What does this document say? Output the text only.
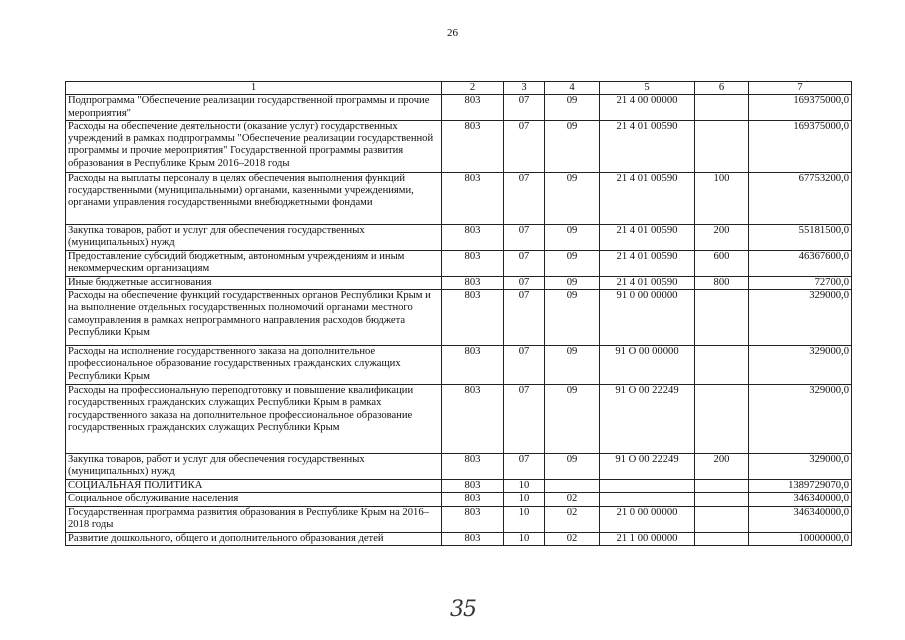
26
1	2	3	4	5	6	7
Подпрограмма "Обеспечение реализации государственной программы и прочие мероприятия"	803	07	09	21 4 00 00000		169375000,0
Расходы на обеспечение деятельности (оказание услуг) государственных учреждений в рамках подпрограммы "Обеспечение реализации государственной программы и прочие мероприятия" Государственной программы развития образования в Республике Крым 2016–2018 годы	803	07	09	21 4 01 00590		169375000,0
Расходы на выплаты персоналу в целях обеспечения выполнения функций государственными (муниципальными) органами, казенными учреждениями, органами управления государственными внебюджетными фондами	803	07	09	21 4 01 00590	100	67753200,0
Закупка товаров, работ и услуг для обеспечения государственных (муниципальных) нужд	803	07	09	21 4 01 00590	200	55181500,0
Предоставление субсидий бюджетным, автономным учреждениям и иным некоммерческим организациям	803	07	09	21 4 01 00590	600	46367600,0
Иные бюджетные ассигнования	803	07	09	21 4 01 00590	800	72700,0
Расходы на обеспечение функций государственных органов Республики Крым и на выполнение отдельных государственных полномочий органами местного самоуправления в рамках непрограммного направления расходов бюджета Республики Крым	803	07	09	91 0 00 00000		329000,0
Расходы на исполнение государственного заказа на дополнительное профессиональное образование государственных гражданских служащих Республики Крым	803	07	09	91 О 00 00000		329000,0
Расходы на профессиональную переподготовку и повышение квалификации государственных гражданских служащих Республики Крым в рамках государственного заказа на дополнительное профессиональное образование государственных гражданских служащих Республики Крым	803	07	09	91 О 00 22249		329000,0
Закупка товаров, работ и услуг для обеспечения государственных (муниципальных) нужд	803	07	09	91 О 00 22249	200	329000,0
СОЦИАЛЬНАЯ ПОЛИТИКА	803	10				1389729070,0
Социальное обслуживание населения	803	10	02			346340000,0
Государственная программа развития образования в Республике Крым на 2016–2018 годы	803	10	02	21 0 00 00000		346340000,0
Развитие дошкольного, общего и дополнительного образования детей	803	10	02	21 1 00 00000		10000000,0
35
